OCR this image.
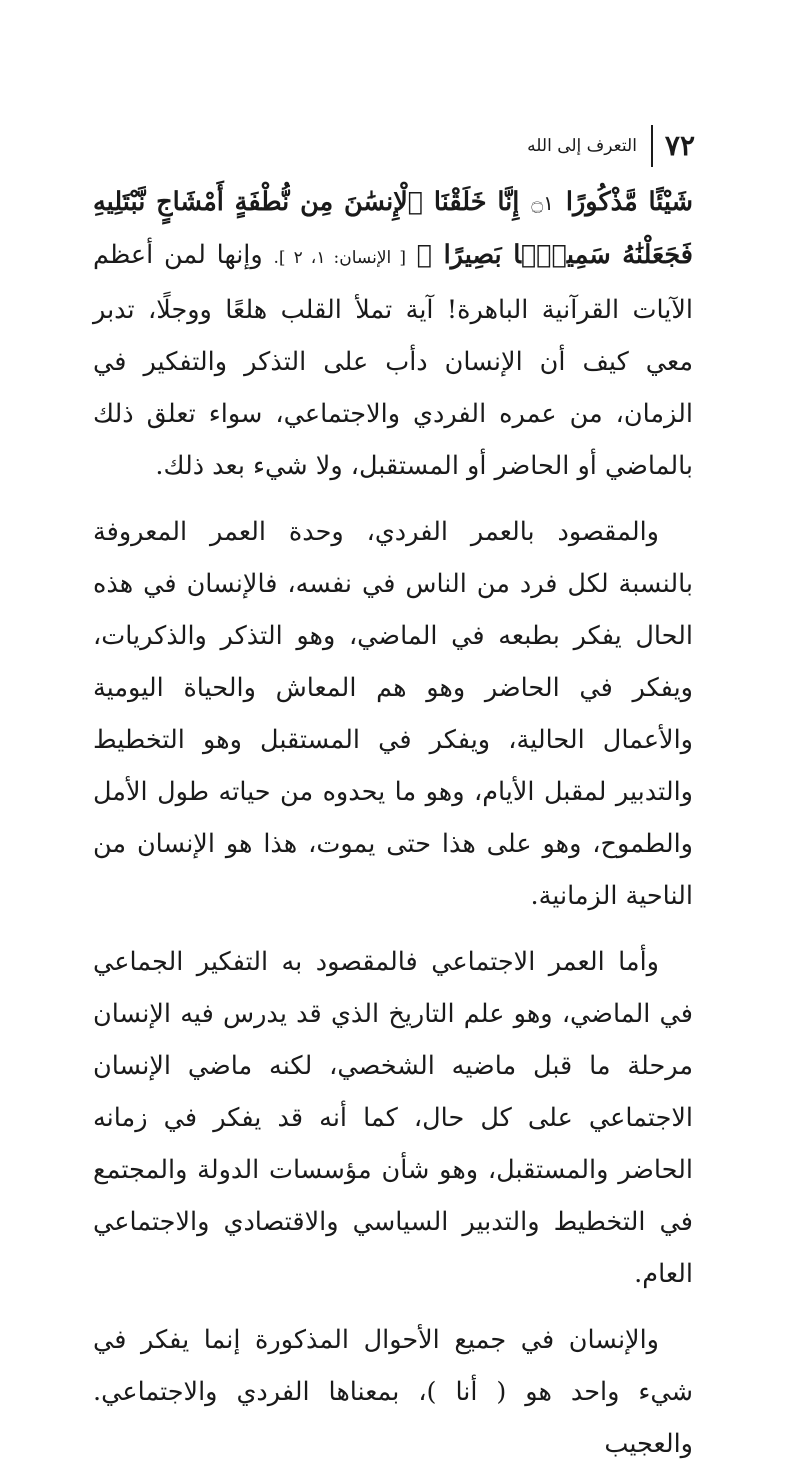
٧٢
التعرف إلى الله

شَيْئًا مَّذْكُورًا ۝١ إِنَّا خَلَقْنَا ٱلْإِنسَٰنَ مِن نُّطْفَةٍ أَمْشَاجٍ نَّبْتَلِيهِ فَجَعَلْنَٰهُ سَمِيعًۢا بَصِيرًا ﴾ [ الإنسان: ١، ٢ ]. وإنها لمن أعظم الآيات القرآنية الباهرة! آية تملأ القلب هلعًا ووجلًا، تدبر معي كيف أن الإنسان دأب على التذكر والتفكير في الزمان، من عمره الفردي والاجتماعي، سواء تعلق ذلك بالماضي أو الحاضر أو المستقبل، ولا شيء بعد ذلك.

والمقصود بالعمر الفردي، وحدة العمر المعروفة بالنسبة لكل فرد من الناس في نفسه، فالإنسان في هذه الحال يفكر بطبعه في الماضي، وهو التذكر والذكريات، ويفكر في الحاضر وهو هم المعاش والحياة اليومية والأعمال الحالية، ويفكر في المستقبل وهو التخطيط والتدبير لمقبل الأيام، وهو ما يحدوه من حياته طول الأمل والطموح، وهو على هذا حتى يموت، هذا هو الإنسان من الناحية الزمانية.

وأما العمر الاجتماعي فالمقصود به التفكير الجماعي في الماضي، وهو علم التاريخ الذي قد يدرس فيه الإنسان مرحلة ما قبل ماضيه الشخصي، لكنه ماضي الإنسان الاجتماعي على كل حال، كما أنه قد يفكر في زمانه الحاضر والمستقبل، وهو شأن مؤسسات الدولة والمجتمع في التخطيط والتدبير السياسي والاقتصادي والاجتماعي العام.

والإنسان في جميع الأحوال المذكورة إنما يفكر في شيء واحد هو ( أنا )، بمعناها الفردي والاجتماعي. والعجيب
